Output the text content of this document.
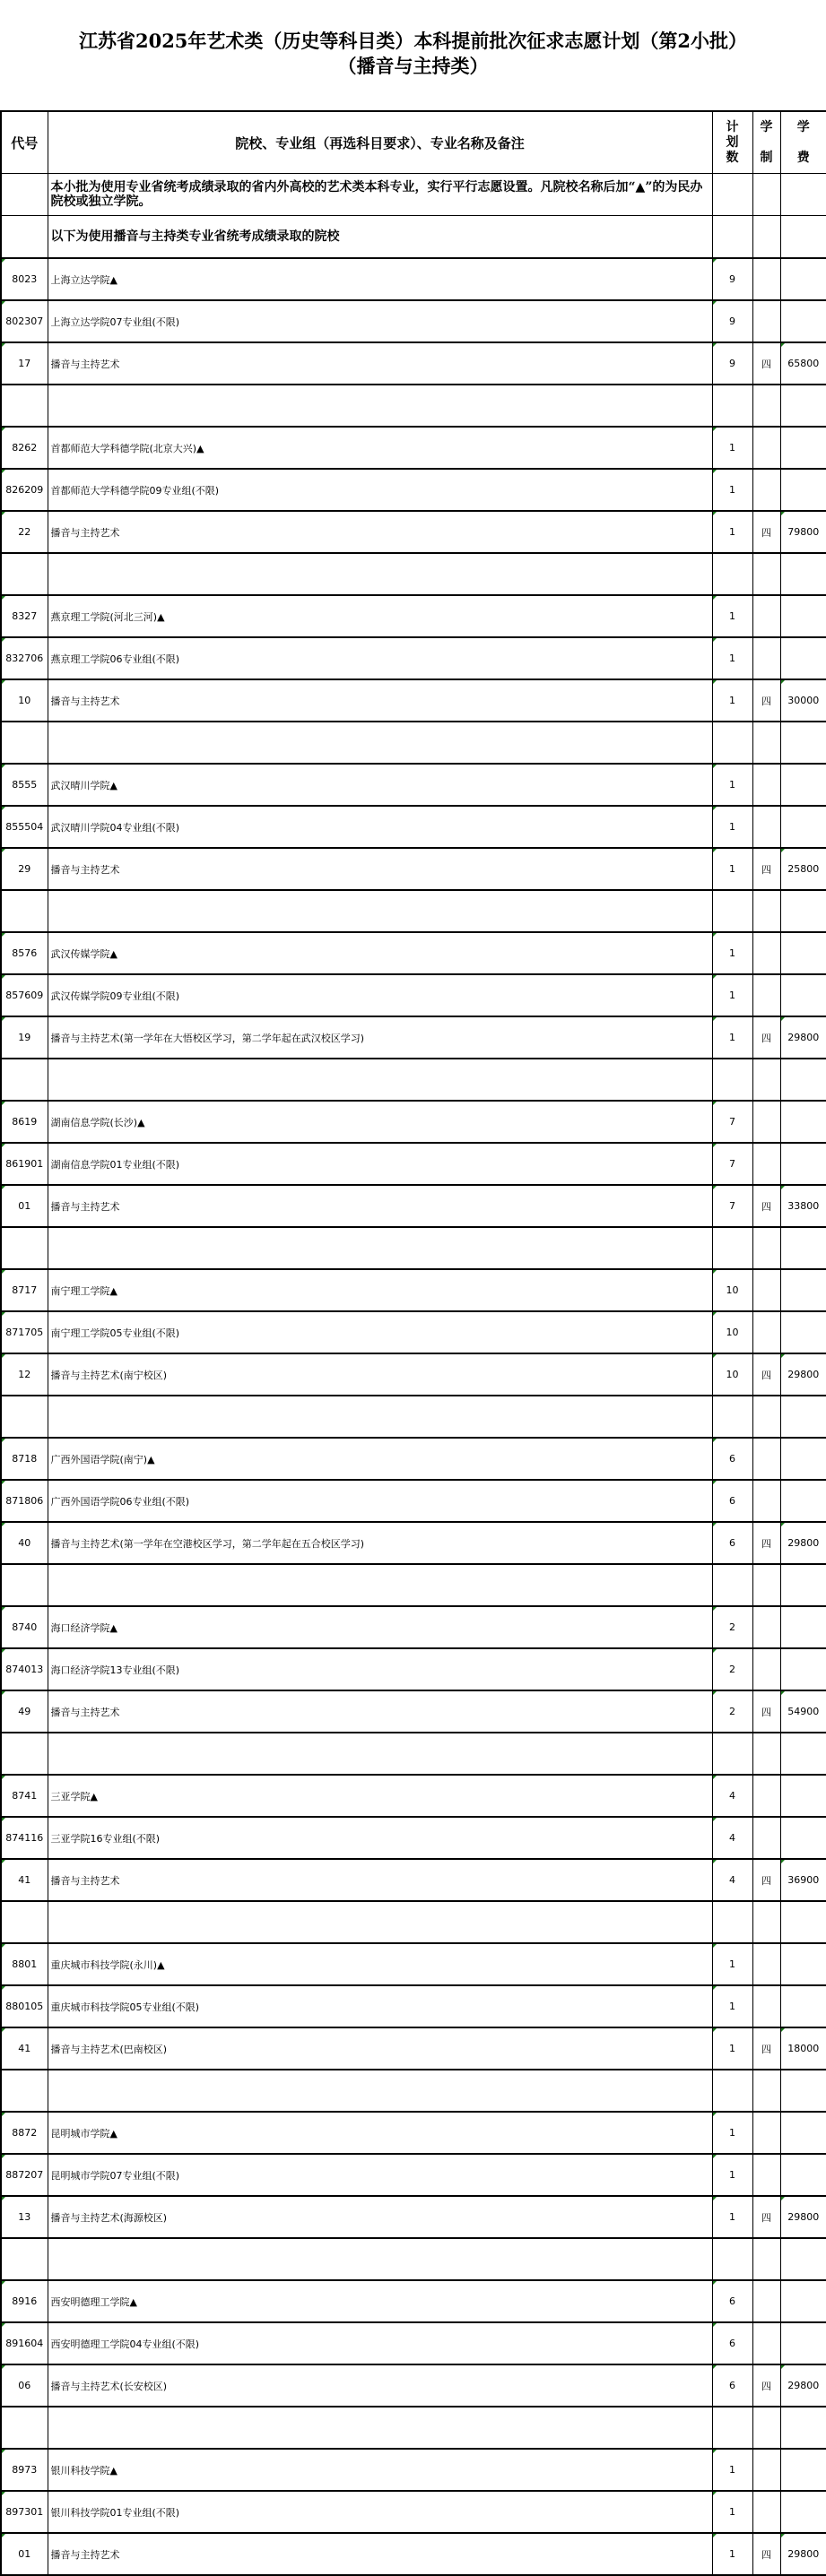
江苏省2025年艺术类（历史等科目类）本科提前批次征求志愿计划（第2小批）
（播音与主持类）
代号	院校、专业组（再选科目要求）、专业名称及备注	计划数	学制	学费
	本小批为使用专业省统考成绩录取的省内外高校的艺术类本科专业，实行平行志愿设置。凡院校名称后加“▲”的为民办院校或独立学院。			
	以下为使用播音与主持类专业省统考成绩录取的院校			

8023	上海立达学院▲	9		

802307	上海立达学院07专业组(不限)	9		

17	播音与主持艺术	9	四	65800

8262	首都师范大学科德学院(北京大兴)▲	1		

826209	首都师范大学科德学院09专业组(不限)	1		

22	播音与主持艺术	1	四	79800

8327	燕京理工学院(河北三河)▲	1		

832706	燕京理工学院06专业组(不限)	1		

10	播音与主持艺术	1	四	30000

8555	武汉晴川学院▲	1		

855504	武汉晴川学院04专业组(不限)	1		

29	播音与主持艺术	1	四	25800

8576	武汉传媒学院▲	1		

857609	武汉传媒学院09专业组(不限)	1		

19	播音与主持艺术(第一学年在大悟校区学习，第二学年起在武汉校区学习)	1	四	29800

8619	湖南信息学院(长沙)▲	7		

861901	湖南信息学院01专业组(不限)	7		

01	播音与主持艺术	7	四	33800

8717	南宁理工学院▲	10		

871705	南宁理工学院05专业组(不限)	10		

12	播音与主持艺术(南宁校区)	10	四	29800

8718	广西外国语学院(南宁)▲	6		

871806	广西外国语学院06专业组(不限)	6		

40	播音与主持艺术(第一学年在空港校区学习，第二学年起在五合校区学习)	6	四	29800

8740	海口经济学院▲	2		

874013	海口经济学院13专业组(不限)	2		

49	播音与主持艺术	2	四	54900

8741	三亚学院▲	4		

874116	三亚学院16专业组(不限)	4		

41	播音与主持艺术	4	四	36900

8801	重庆城市科技学院(永川)▲	1		

880105	重庆城市科技学院05专业组(不限)	1		

41	播音与主持艺术(巴南校区)	1	四	18000

8872	昆明城市学院▲	1		

887207	昆明城市学院07专业组(不限)	1		

13	播音与主持艺术(海源校区)	1	四	29800

8916	西安明德理工学院▲	6		

891604	西安明德理工学院04专业组(不限)	6		

06	播音与主持艺术(长安校区)	6	四	29800

8973	银川科技学院▲	1		

897301	银川科技学院01专业组(不限)	1		

01	播音与主持艺术	1	四	29800
